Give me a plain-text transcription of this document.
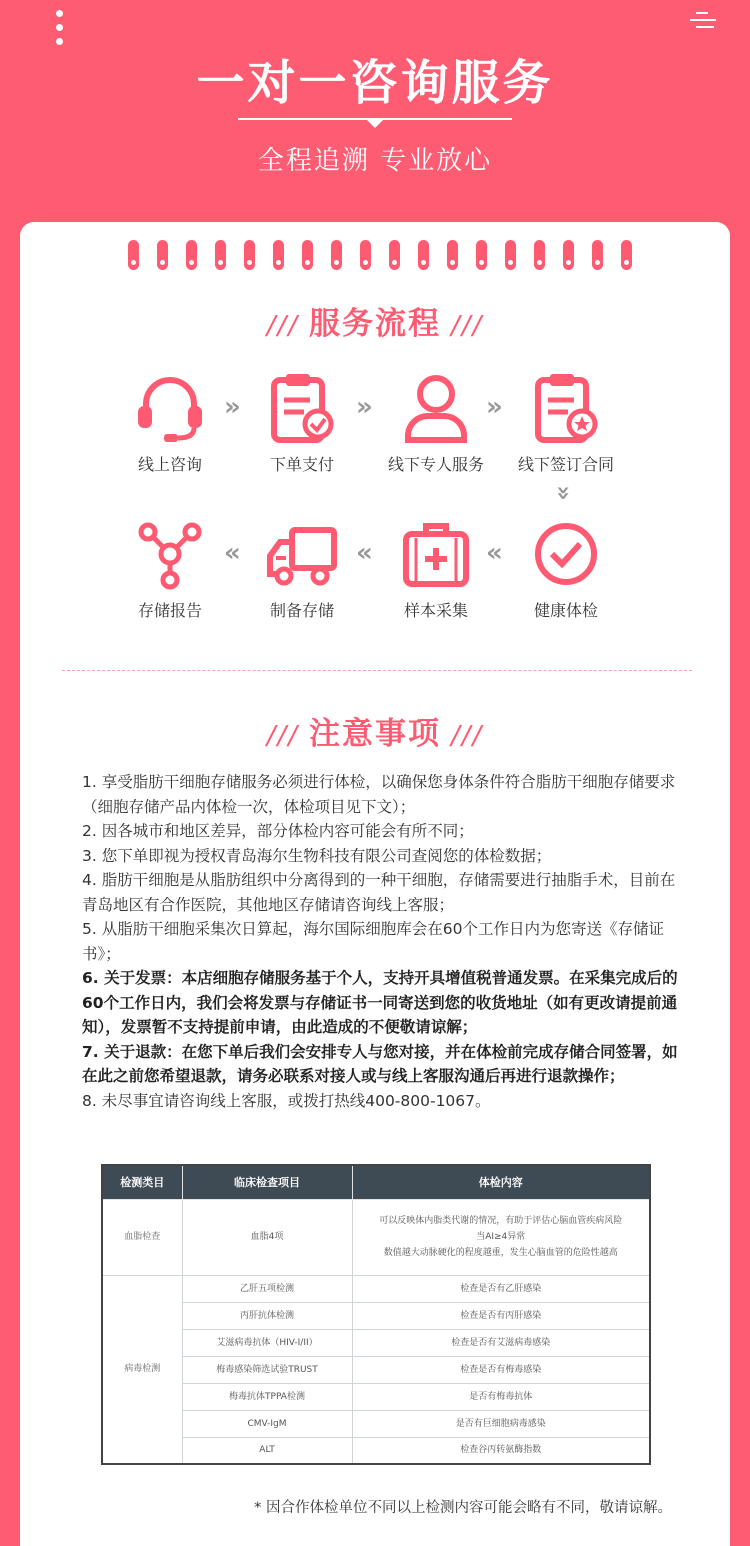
一对一咨询服务
全程追溯 专业放心
/// 服务流程 ///
线上咨询
»
下单支付
»
线下专人服务
»
线下签订合同
»
健康体检
«
样本采集
«
制备存储
«
存储报告
/// 注意事项 ///

1. 享受脂肪干细胞存储服务必须进行体检，以确保您身体条件符合脂肪干细胞存储要求（细胞存储产品内体检一次，体检项目见下文）；

2. 因各城市和地区差异，部分体检内容可能会有所不同；

3. 您下单即视为授权青岛海尔生物科技有限公司查阅您的体检数据；

4. 脂肪干细胞是从脂肪组织中分离得到的一种干细胞，存储需要进行抽脂手术，目前在青岛地区有合作医院，其他地区存储请咨询线上客服；

5. 从脂肪干细胞采集次日算起，海尔国际细胞库会在60个工作日内为您寄送《存储证书》；

6. 关于发票：本店细胞存储服务基于个人，支持开具增值税普通发票。在采集完成后的60个工作日内，我们会将发票与存储证书一同寄送到您的收货地址（如有更改请提前通知），发票暂不支持提前申请，由此造成的不便敬请谅解；

7. 关于退款：在您下单后我们会安排专人与您对接，并在体检前完成存储合同签署，如在此之前您希望退款，请务必联系对接人或与线上客服沟通后再进行退款操作；

8. 未尽事宜请咨询线上客服，或拨打热线400-800-1067。

检测类目	临床检查项目	体检内容
血脂检查	血脂4项	可以反映体内脂类代谢的情况，有助于评估心脑血管疾病风险
当AI≥4异常
数值越大动脉硬化的程度越重，发生心脑血管的危险性越高

病毒检测	乙肝五项检测	检查是否有乙肝感染
	丙肝抗体检测	检查是否有丙肝感染
	艾滋病毒抗体（HIV-I/II）	检查是否有艾滋病毒感染
	梅毒感染筛选试验TRUST	检查是否有梅毒感染
	梅毒抗体TPPA检测	是否有梅毒抗体
	CMV-IgM	是否有巨细胞病毒感染
	ALT	检查谷丙转氨酶指数
* 因合作体检单位不同以上检测内容可能会略有不同，敬请谅解。
